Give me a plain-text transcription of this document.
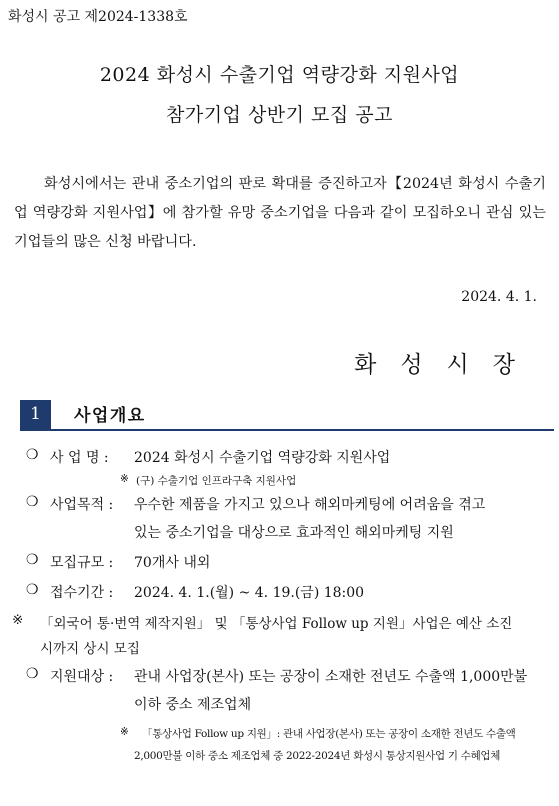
화성시 공고 제2024-1338호
2024 화성시 수출기업 역량강화 지원사업
참가기업 상반기 모집 공고
화성시에서는 관내 중소기업의 판로 확대를 증진하고자【2024년 화성시 수출기업 역량강화 지원사업】에 참가할 유망 중소기업을 다음과 같이 모집하오니 관심 있는 기업들의 많은 신청 바랍니다.
2024. 4. 1.
화성시장
1	사업개요
❍ 사 업 명 : 2024 화성시 수출기업 역량강화 지원사업
※ (구) 수출기업 인프라구축 지원사업
❍ 사업목적 : 우수한 제품을 가지고 있으나 해외마케팅에 어려움을 겪고
있는 중소기업을 대상으로 효과적인 해외마케팅 지원
❍ 모집규모 : 70개사 내외
❍ 접수기간 : 2024. 4. 1.(월) ~ 4. 19.(금) 18:00
※ 「외국어 통·번역 제작지원」 및 「통상사업 Follow up 지원」사업은 예산 소진
시까지 상시 모집
❍ 지원대상 : 관내 사업장(본사) 또는 공장이 소재한 전년도 수출액 1,000만불
이하 중소 제조업체
※ 「통상사업 Follow up 지원」: 관내 사업장(본사) 또는 공장이 소재한 전년도 수출액
2,000만불 이하 중소 제조업체 중 2022-2024년 화성시 통상지원사업 기 수혜업체
